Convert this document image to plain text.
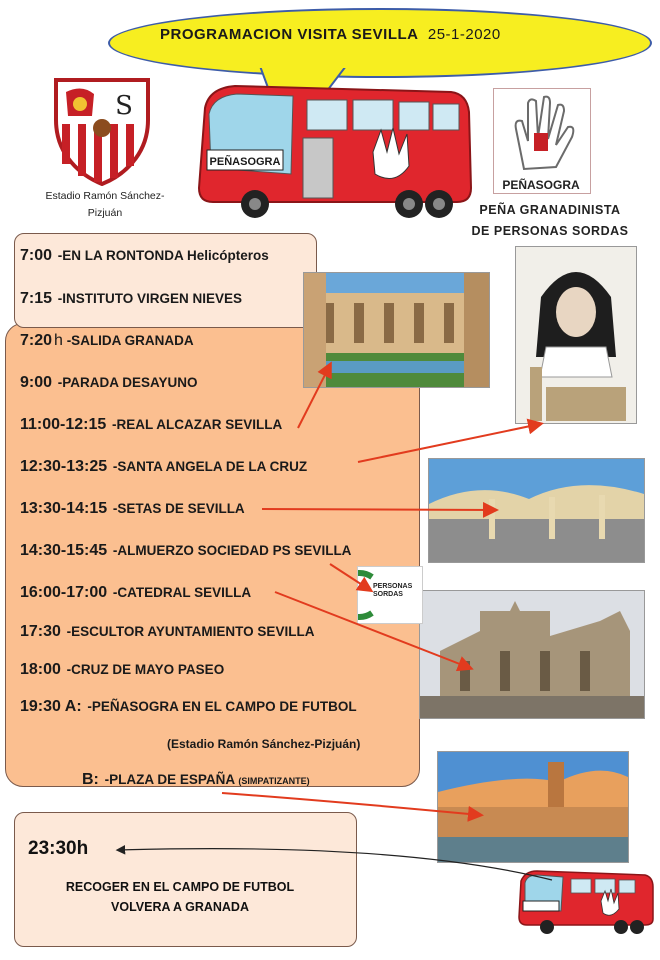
PROGRAMACION VISITA SEVILLA 25-1-2020
S
Estadio Ramón Sánchez-
Pizjuán
PEÑASOGRA
PEÑASOGRA
PEÑA GRANADINISTA
DE PERSONAS SORDAS
7:00 -EN LA RONTONDA Helicópteros
7:15 -INSTITUTO VIRGEN NIEVES
7:20 h -SALIDA GRANADA
9:00 -PARADA DESAYUNO
11:00-12:15 -REAL ALCAZAR SEVILLA
12:30-13:25 -SANTA ANGELA DE LA CRUZ
13:30-14:15 -SETAS DE SEVILLA
14:30-15:45 -ALMUERZO SOCIEDAD PS SEVILLA
16:00-17:00 -CATEDRAL SEVILLA
17:30 -ESCULTOR AYUNTAMIENTO SEVILLA
18:00 -CRUZ DE MAYO PASEO
19:30 A: -PEÑASOGRA EN EL CAMPO DE FUTBOL
(Estadio Ramón Sánchez-Pizjuán)
B: -PLAZA DE ESPAÑA (SIMPATIZANTE)
23:30h
RECOGER EN EL CAMPO DE FUTBOL
VOLVERA A GRANADA
PERSONAS
SORDAS
